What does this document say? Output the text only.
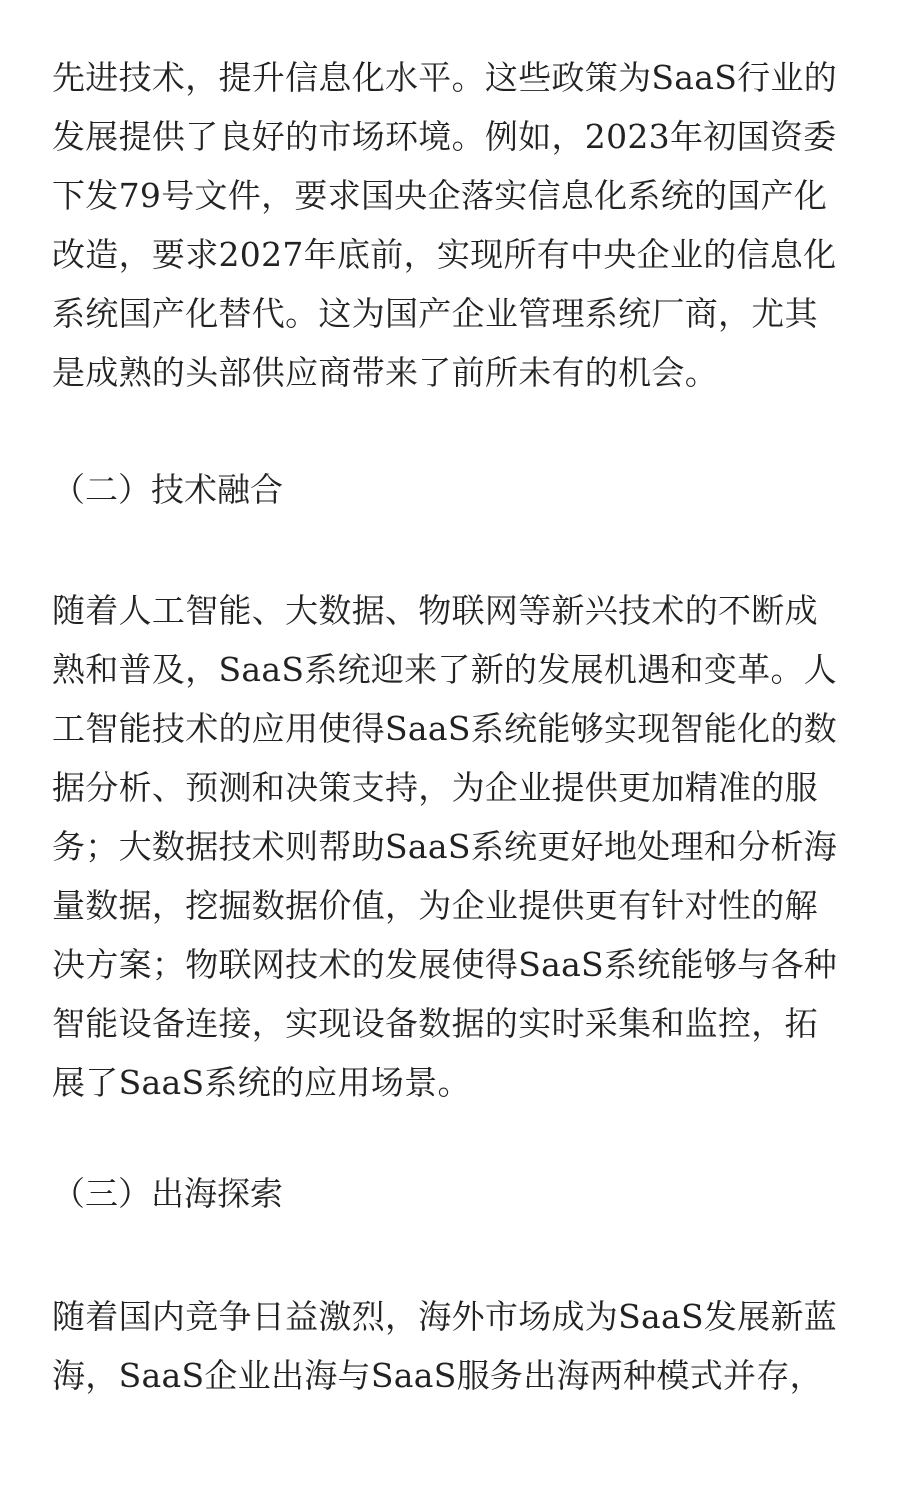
先进技术，提升信息化水平。这些政策为SaaS行业的
发展提供了良好的市场环境。例如，2023年初国资委
下发79号文件，要求国央企落实信息化系统的国产化
改造，要求2027年底前，实现所有中央企业的信息化
系统国产化替代。这为国产企业管理系统厂商，尤其
是成熟的头部供应商带来了前所未有的机会。
（二）技术融合
随着人工智能、大数据、物联网等新兴技术的不断成
熟和普及，SaaS系统迎来了新的发展机遇和变革。人
工智能技术的应用使得SaaS系统能够实现智能化的数
据分析、预测和决策支持，为企业提供更加精准的服
务；大数据技术则帮助SaaS系统更好地处理和分析海
量数据，挖掘数据价值，为企业提供更有针对性的解
决方案；物联网技术的发展使得SaaS系统能够与各种
智能设备连接，实现设备数据的实时采集和监控，拓
展了SaaS系统的应用场景。
（三）出海探索
随着国内竞争日益激烈，海外市场成为SaaS发展新蓝
海，SaaS企业出海与SaaS服务出海两种模式并存，
